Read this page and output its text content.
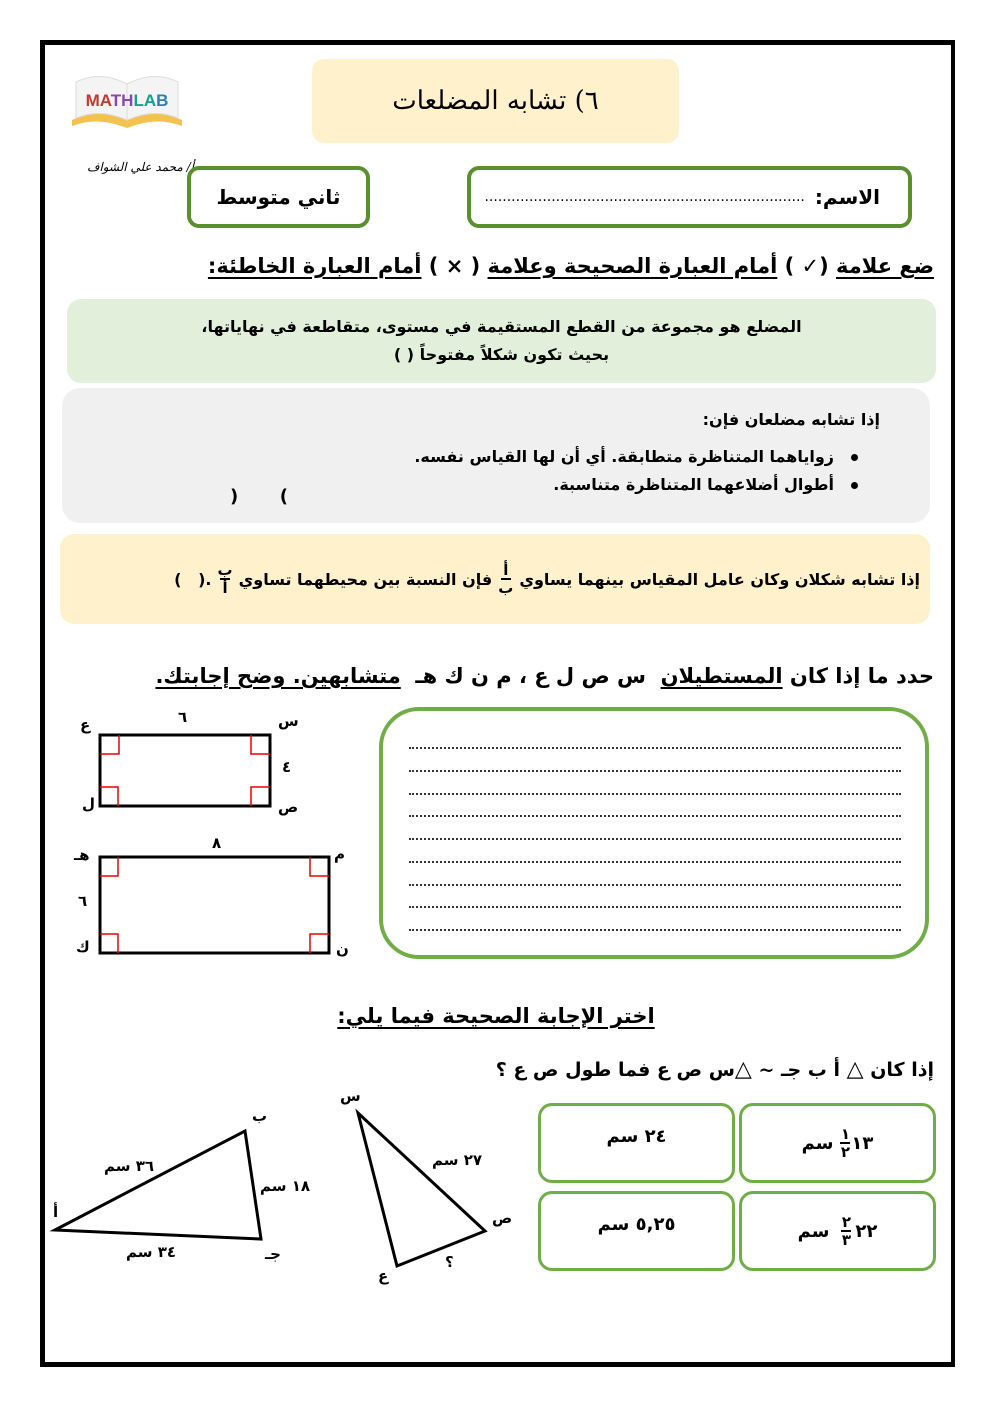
MATHLAB
أ/ محمد علي الشواف
٦) تشابه المضلعات
ثاني متوسط	الاسم:
........................................................................
ضع علامة (✓ ) أمام العبارة الصحيحة وعلامة ( × ) أمام العبارة الخاطئة:
المضلع هو مجموعة من القطع المستقيمة في مستوى، متقاطعة في نهاياتها،
بحيث تكون شكلاً مفتوحاً ( )
إذا تشابه مضلعان فإن:
زواياهما المتناظرة متطابقة. أي أن لها القياس نفسه.
أطوال أضلاعهما المتناظرة متناسبة.
)
(
إذا تشابه شكلان وكان عامل المقياس بينهما يساوي
$\frac{\text{أ}}{\text{ب}}$
فإن النسبة بين محيطهما تساوي
$\frac{\text{ب}}{\text{أ}}$
.(   )
حدد ما إذا كان المستطيلان  س ص ل ع ، م ن ك هـ  متشابهين. وضح إجابتك.
س
ص
ل
ع	٦
٤
م
ن
ك
هـ
٨
٦
اختر الإجابة الصحيحة فيما يلي:
إذا كان △ أ ب جـ ~ △س ص ع فما طول ص ع ؟
أ
ب
جـ
٣٦ سم
١٨ سم
٣٤ سم
س
ص
ع
٢٧ سم
؟
١٣
$\frac{١}{٢}$
سم
٢٤ سم
٢٢
$\frac{٢}{٣}$
سم
٥,٢٥ سم
